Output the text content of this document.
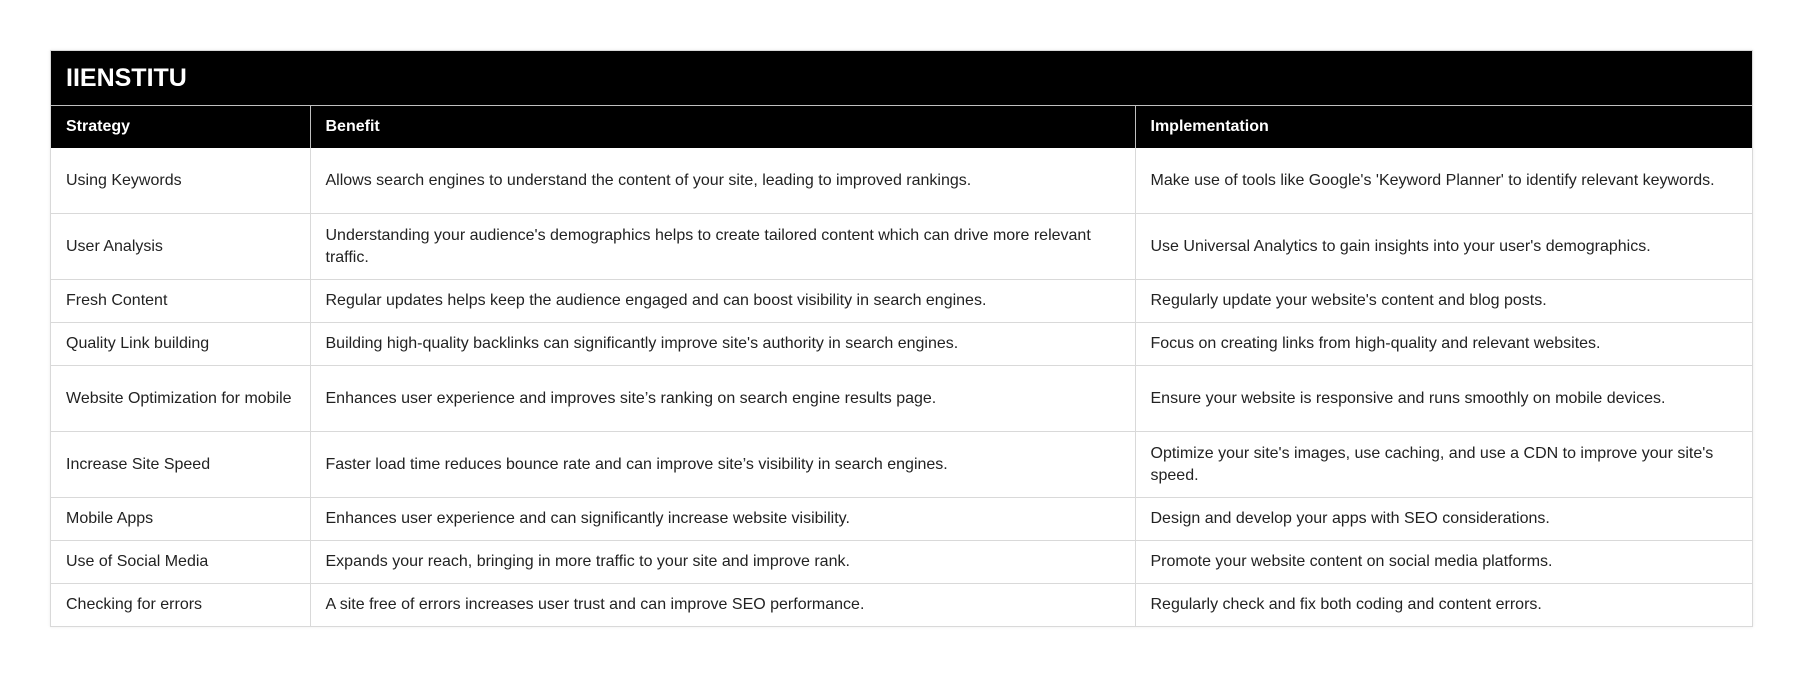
IIENSTITU		
Strategy	Benefit	Implementation
Using Keywords	Allows search engines to understand the content of your site, leading to improved rankings.	Make use of tools like Google's 'Keyword Planner' to identify relevant keywords.
User Analysis	Understanding your audience's demographics helps to create tailored content which can drive more relevant traffic.	Use Universal Analytics to gain insights into your user's demographics.
Fresh Content	Regular updates helps keep the audience engaged and can boost visibility in search engines.	Regularly update your website's content and blog posts.
Quality Link building	Building high-quality backlinks can significantly improve site's authority in search engines.	Focus on creating links from high-quality and relevant websites.
Website Optimization for mobile	Enhances user experience and improves site’s ranking on search engine results page.	Ensure your website is responsive and runs smoothly on mobile devices.
Increase Site Speed	Faster load time reduces bounce rate and can improve site’s visibility in search engines.	Optimize your site's images, use caching, and use a CDN to improve your site's speed.
Mobile Apps	Enhances user experience and can significantly increase website visibility.	Design and develop your apps with SEO considerations.
Use of Social Media	Expands your reach, bringing in more traffic to your site and improve rank.	Promote your website content on social media platforms.
Checking for errors	A site free of errors increases user trust and can improve SEO performance.	Regularly check and fix both coding and content errors.
